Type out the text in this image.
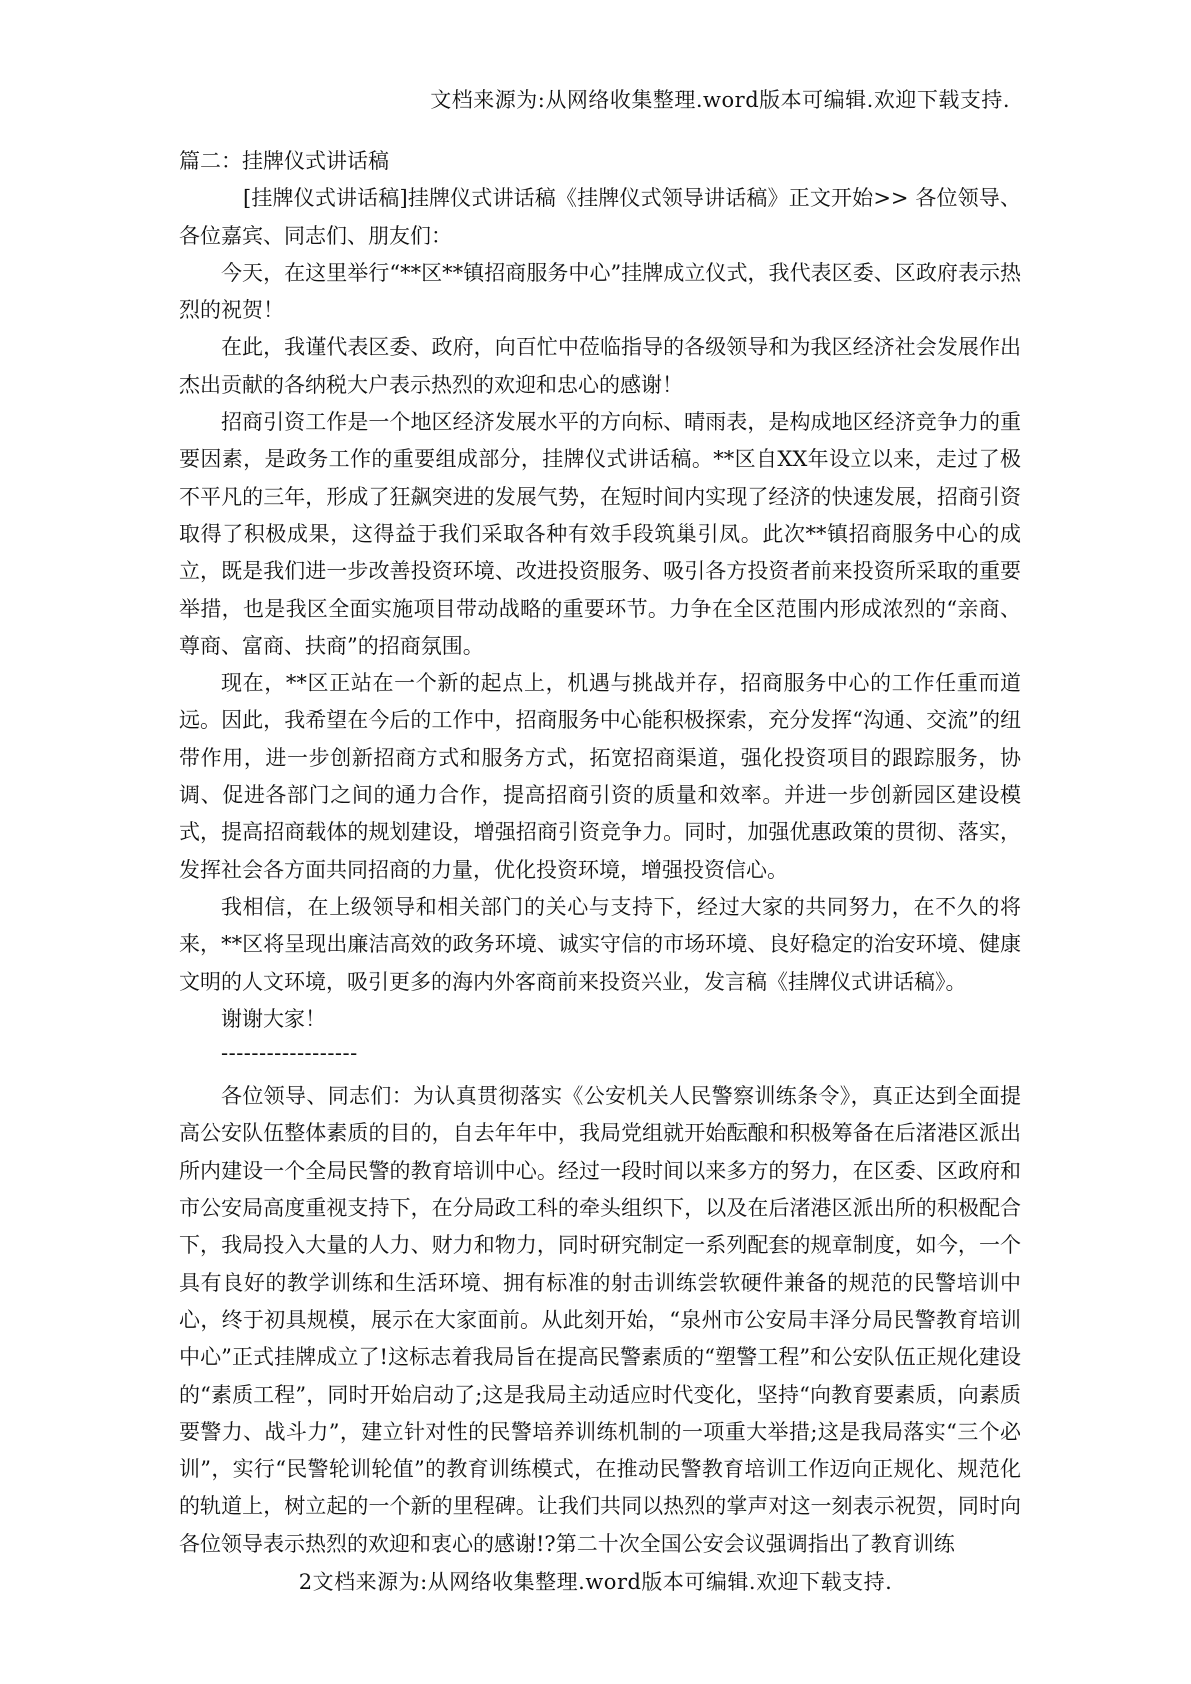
文档来源为:从网络收集整理.word版本可编辑.欢迎下载支持.
篇二：挂牌仪式讲话稿

[挂牌仪式讲话稿]挂牌仪式讲话稿《挂牌仪式领导讲话稿》正文开始>> 各位领导、各位嘉宾、同志们、朋友们：

今天，在这里举行“**区**镇招商服务中心”挂牌成立仪式，我代表区委、区政府表示热烈的祝贺！

在此，我谨代表区委、政府，向百忙中莅临指导的各级领导和为我区经济社会发展作出杰出贡献的各纳税大户表示热烈的欢迎和忠心的感谢！

招商引资工作是一个地区经济发展水平的方向标、晴雨表，是构成地区经济竞争力的重要因素，是政务工作的重要组成部分，挂牌仪式讲话稿。**区自XX年设立以来，走过了极不平凡的三年，形成了狂飙突进的发展气势，在短时间内实现了经济的快速发展，招商引资取得了积极成果，这得益于我们采取各种有效手段筑巢引凤。此次**镇招商服务中心的成立，既是我们进一步改善投资环境、改进投资服务、吸引各方投资者前来投资所采取的重要举措，也是我区全面实施项目带动战略的重要环节。力争在全区范围内形成浓烈的“亲商、尊商、富商、扶商”的招商氛围。

现在，**区正站在一个新的起点上，机遇与挑战并存，招商服务中心的工作任重而道远。因此，我希望在今后的工作中，招商服务中心能积极探索，充分发挥“沟通、交流”的纽带作用，进一步创新招商方式和服务方式，拓宽招商渠道，强化投资项目的跟踪服务，协调、促进各部门之间的通力合作，提高招商引资的质量和效率。并进一步创新园区建设模式，提高招商载体的规划建设，增强招商引资竞争力。同时，加强优惠政策的贯彻、落实，发挥社会各方面共同招商的力量，优化投资环境，增强投资信心。

我相信，在上级领导和相关部门的关心与支持下，经过大家的共同努力，在不久的将来，**区将呈现出廉洁高效的政务环境、诚实守信的市场环境、良好稳定的治安环境、健康文明的人文环境，吸引更多的海内外客商前来投资兴业，发言稿《挂牌仪式讲话稿》。

谢谢大家！

------------------

各位领导、同志们：为认真贯彻落实《公安机关人民警察训练条令》，真正达到全面提高公安队伍整体素质的目的，自去年年中，我局党组就开始酝酿和积极筹备在后渚港区派出所内建设一个全局民警的教育培训中心。经过一段时间以来多方的努力，在区委、区政府和市公安局高度重视支持下，在分局政工科的牵头组织下，以及在后渚港区派出所的积极配合下，我局投入大量的人力、财力和物力，同时研究制定一系列配套的规章制度，如今，一个具有良好的教学训练和生活环境、拥有标准的射击训练尝软硬件兼备的规范的民警培训中心，终于初具规模，展示在大家面前。从此刻开始，“泉州市公安局丰泽分局民警教育培训中心”正式挂牌成立了!这标志着我局旨在提高民警素质的“塑警工程”和公安队伍正规化建设的“素质工程”，同时开始启动了;这是我局主动适应时代变化，坚持“向教育要素质，向素质要警力、战斗力”，建立针对性的民警培养训练机制的一项重大举措;这是我局落实“三个必训”，实行“民警轮训轮值”的教育训练模式，在推动民警教育培训工作迈向正规化、规范化的轨道上，树立起的一个新的里程碑。让我们共同以热烈的掌声对这一刻表示祝贺，同时向各位领导表示热烈的欢迎和衷心的感谢!?第二十次全国公安会议强调指出了教育训练

2文档来源为:从网络收集整理.word版本可编辑.欢迎下载支持.
